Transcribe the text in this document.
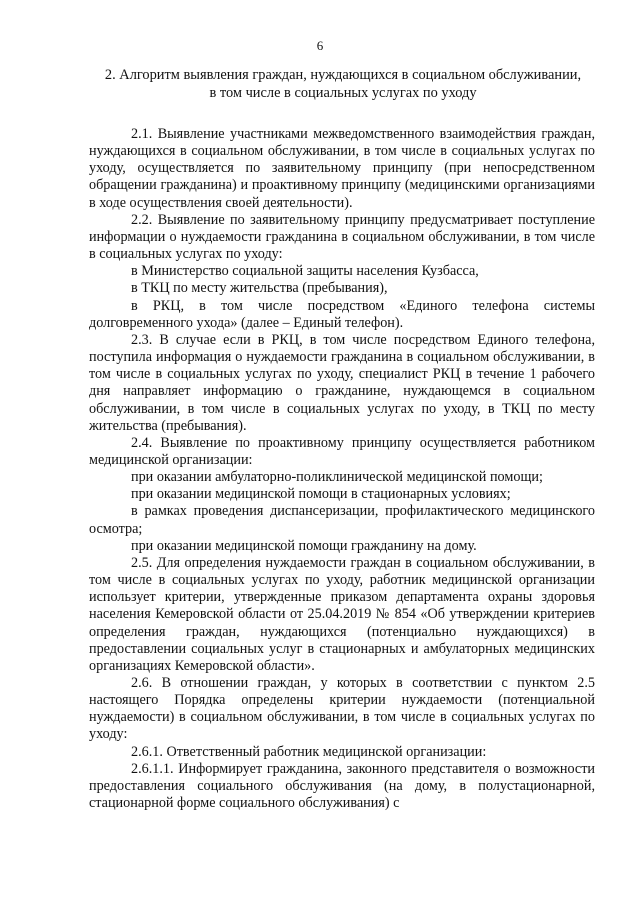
6
2. Алгоритм выявления граждан, нуждающихся в социальном обслуживании,
в том числе в социальных услугах по уходу

2.1. Выявление участниками межведомственного взаимодействия граждан, нуждающихся в социальном обслуживании, в том числе в социальных услугах по уходу, осуществляется по заявительному принципу (при непосредственном обращении гражданина) и проактивному принципу (медицинскими организациями в ходе осуществления своей деятельности).

2.2. Выявление по заявительному принципу предусматривает поступление информации о нуждаемости гражданина в социальном обслуживании, в том числе в социальных услугах по уходу:

в Министерство социальной защиты населения Кузбасса,

в ТКЦ по месту жительства (пребывания),

в РКЦ, в том числе посредством «Единого телефона системы долговременного ухода» (далее – Единый телефон).

2.3. В случае если в РКЦ, в том числе посредством Единого телефона, поступила информация о нуждаемости гражданина в социальном обслуживании, в том числе в социальных услугах по уходу, специалист РКЦ в течение 1 рабочего дня направляет информацию о гражданине, нуждающемся в социальном обслуживании, в том числе в социальных услугах по уходу, в ТКЦ по месту жительства (пребывания).

2.4. Выявление по проактивному принципу осуществляется работником медицинской организации:

при оказании амбулаторно-поликлинической медицинской помощи;

при оказании медицинской помощи в стационарных условиях;

в рамках проведения диспансеризации, профилактического медицинского осмотра;

при оказании медицинской помощи гражданину на дому.

2.5. Для определения нуждаемости граждан в социальном обслуживании, в том числе в социальных услугах по уходу, работник медицинской организации использует критерии, утвержденные приказом департамента охраны здоровья населения Кемеровской области от 25.04.2019 № 854 «Об утверждении критериев определения граждан, нуждающихся (потенциально нуждающихся) в предоставлении социальных услуг в стационарных и амбулаторных медицинских организациях Кемеровской области».

2.6. В отношении граждан, у которых в соответствии с пунктом 2.5 настоящего Порядка определены критерии нуждаемости (потенциальной нуждаемости) в социальном обслуживании, в том числе в социальных услугах по уходу:

2.6.1. Ответственный работник медицинской организации:

2.6.1.1. Информирует гражданина, законного представителя о возможности предоставления социального обслуживания (на дому, в полустационарной, стационарной форме социального обслуживания) с
